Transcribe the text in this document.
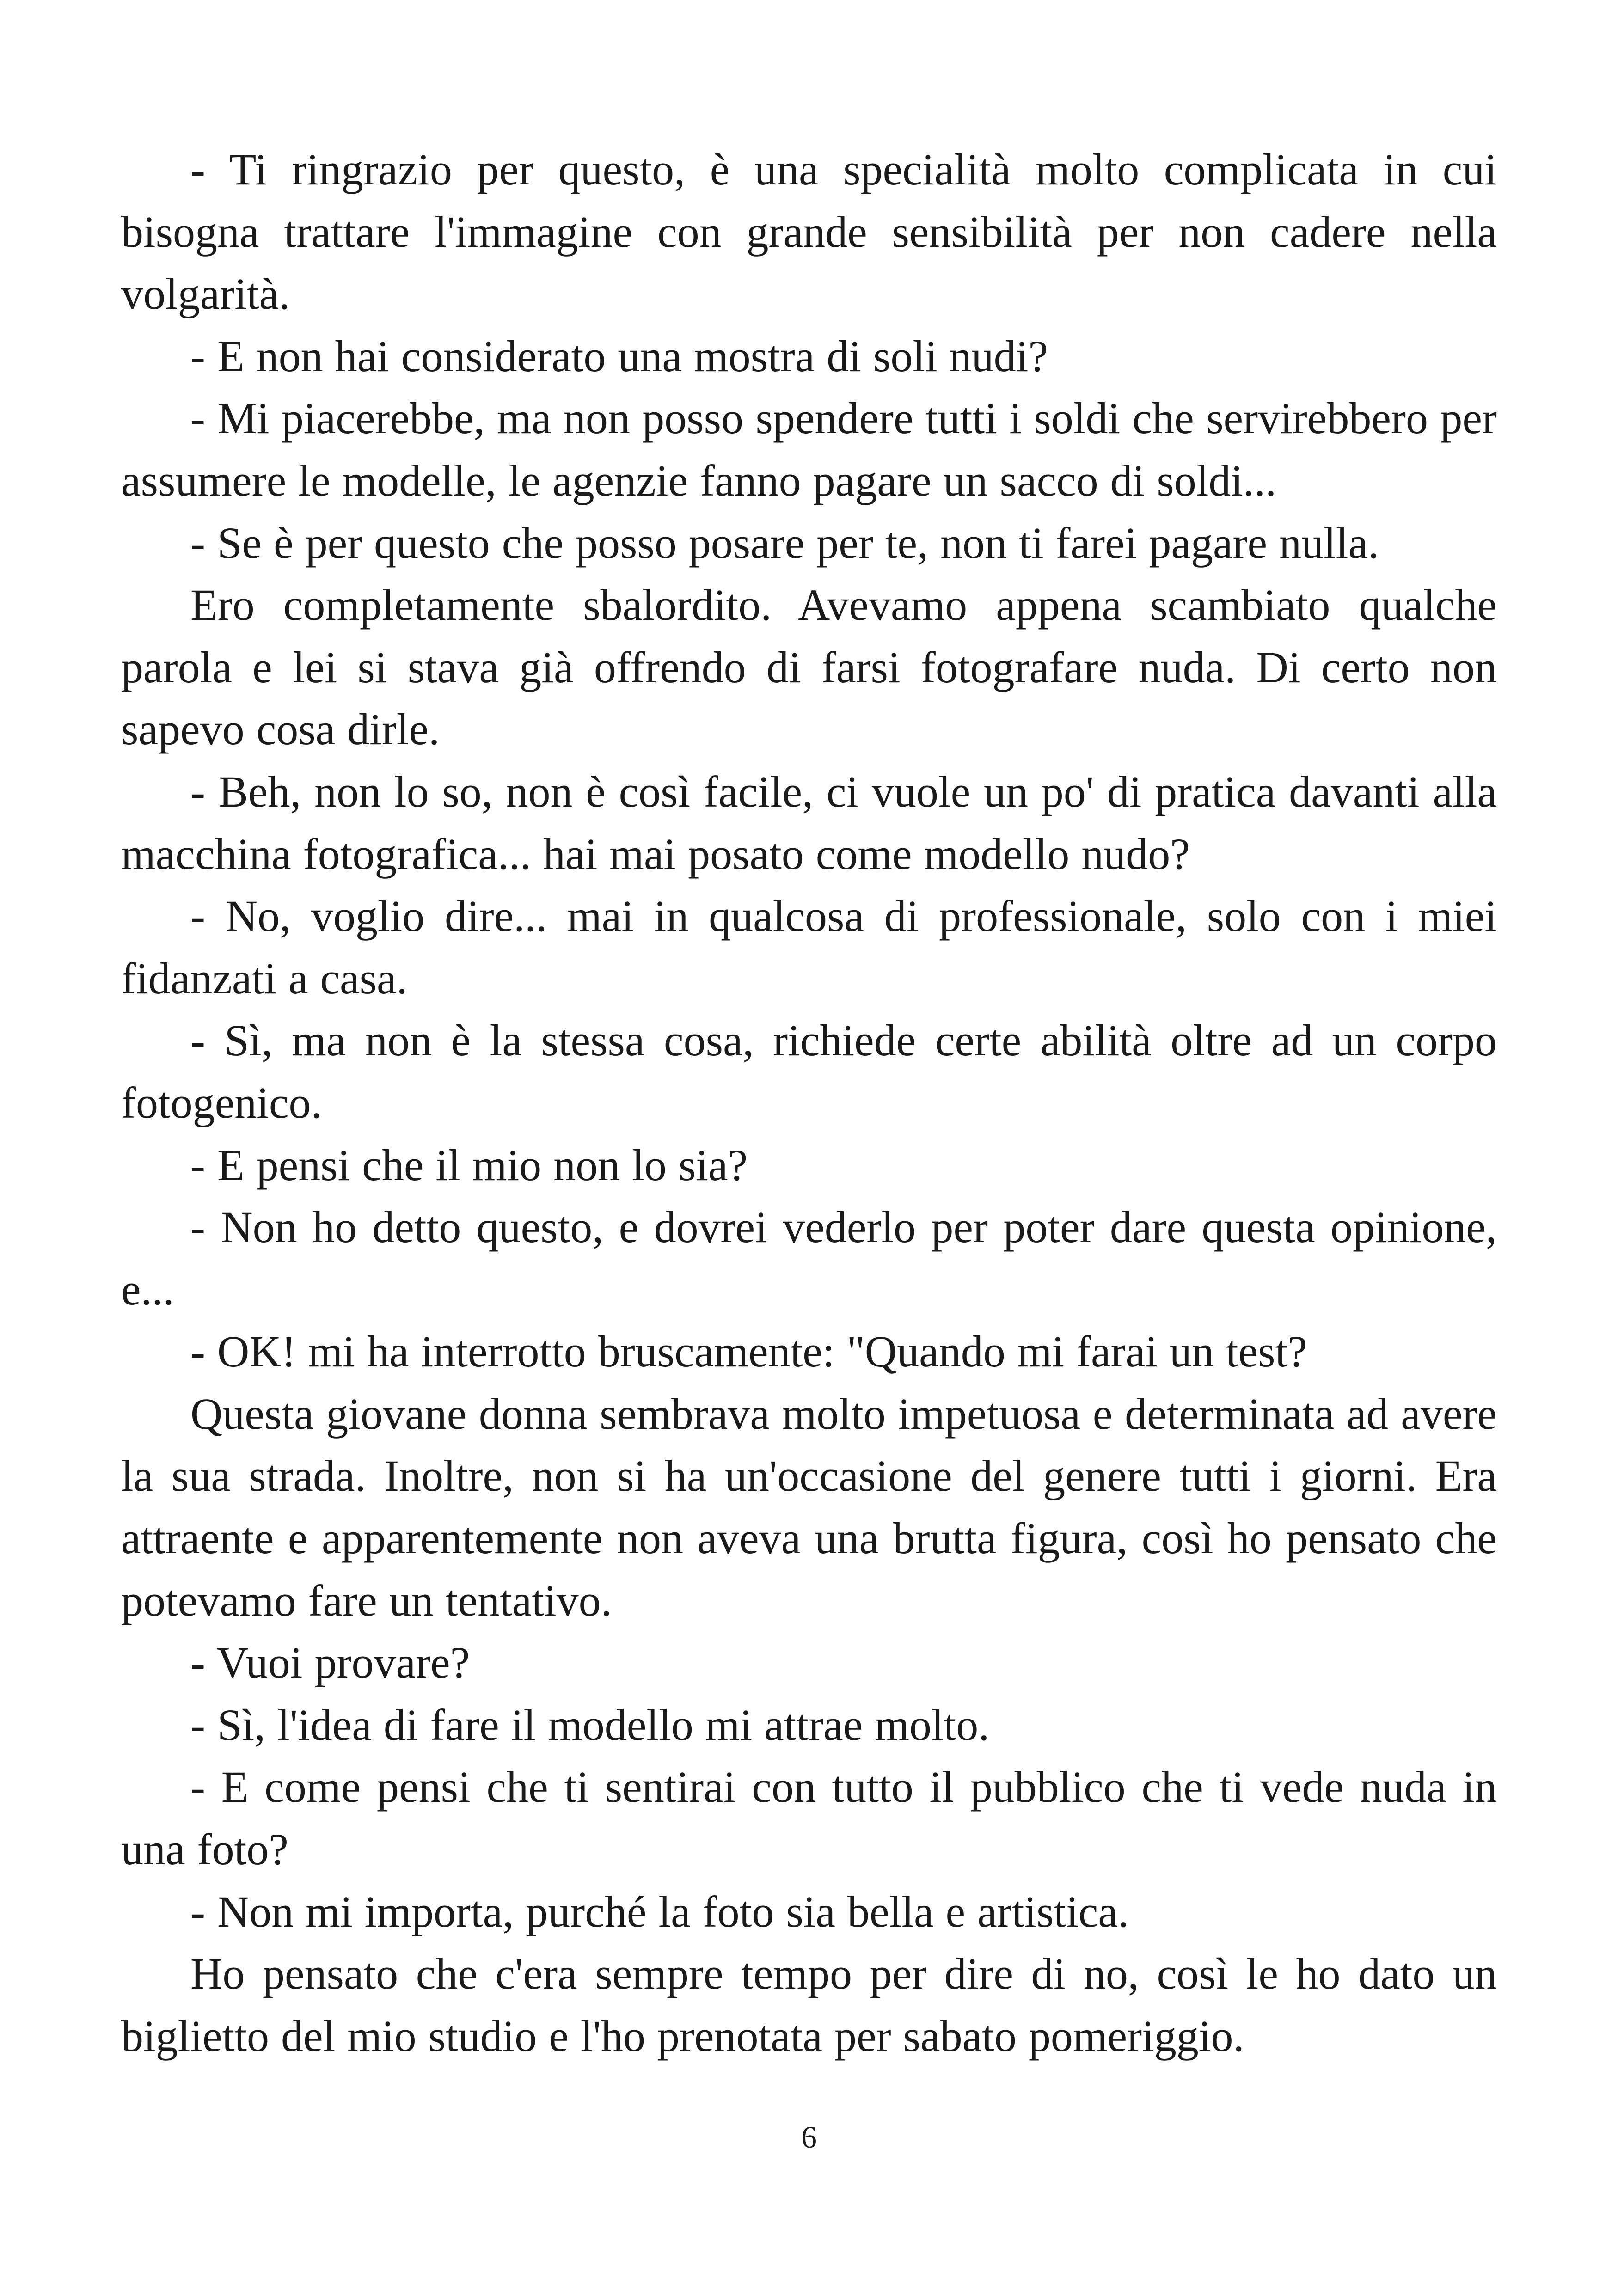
- Ti ringrazio per questo, è una specialità molto complicata in cui bisogna trattare l'immagine con grande sensibilità per non cadere nella volgarità.

- E non hai considerato una mostra di soli nudi?

- Mi piacerebbe, ma non posso spendere tutti i soldi che servirebbero per assumere le modelle, le agenzie fanno pagare un sacco di soldi...

- Se è per questo che posso posare per te, non ti farei pagare nulla.

Ero completamente sbalordito. Avevamo appena scambiato qualche parola e lei si stava già offrendo di farsi fotografare nuda. Di certo non sapevo cosa dirle.

- Beh, non lo so, non è così facile, ci vuole un po' di pratica davanti alla macchina fotografica... hai mai posato come modello nudo?

- No, voglio dire... mai in qualcosa di professionale, solo con i miei fidanzati a casa.

- Sì, ma non è la stessa cosa, richiede certe abilità oltre ad un corpo fotogenico.

- E pensi che il mio non lo sia?

- Non ho detto questo, e dovrei vederlo per poter dare questa opinione, e...

- OK! mi ha interrotto bruscamente: "Quando mi farai un test?

Questa giovane donna sembrava molto impetuosa e determinata ad avere la sua strada. Inoltre, non si ha un'occasione del genere tutti i giorni. Era attraente e apparentemente non aveva una brutta figura, così ho pensato che potevamo fare un tentativo.

- Vuoi provare?

- Sì, l'idea di fare il modello mi attrae molto.

- E come pensi che ti sentirai con tutto il pubblico che ti vede nuda in una foto?

- Non mi importa, purché la foto sia bella e artistica.

Ho pensato che c'era sempre tempo per dire di no, così le ho dato un biglietto del mio studio e l'ho prenotata per sabato pomeriggio.

6
